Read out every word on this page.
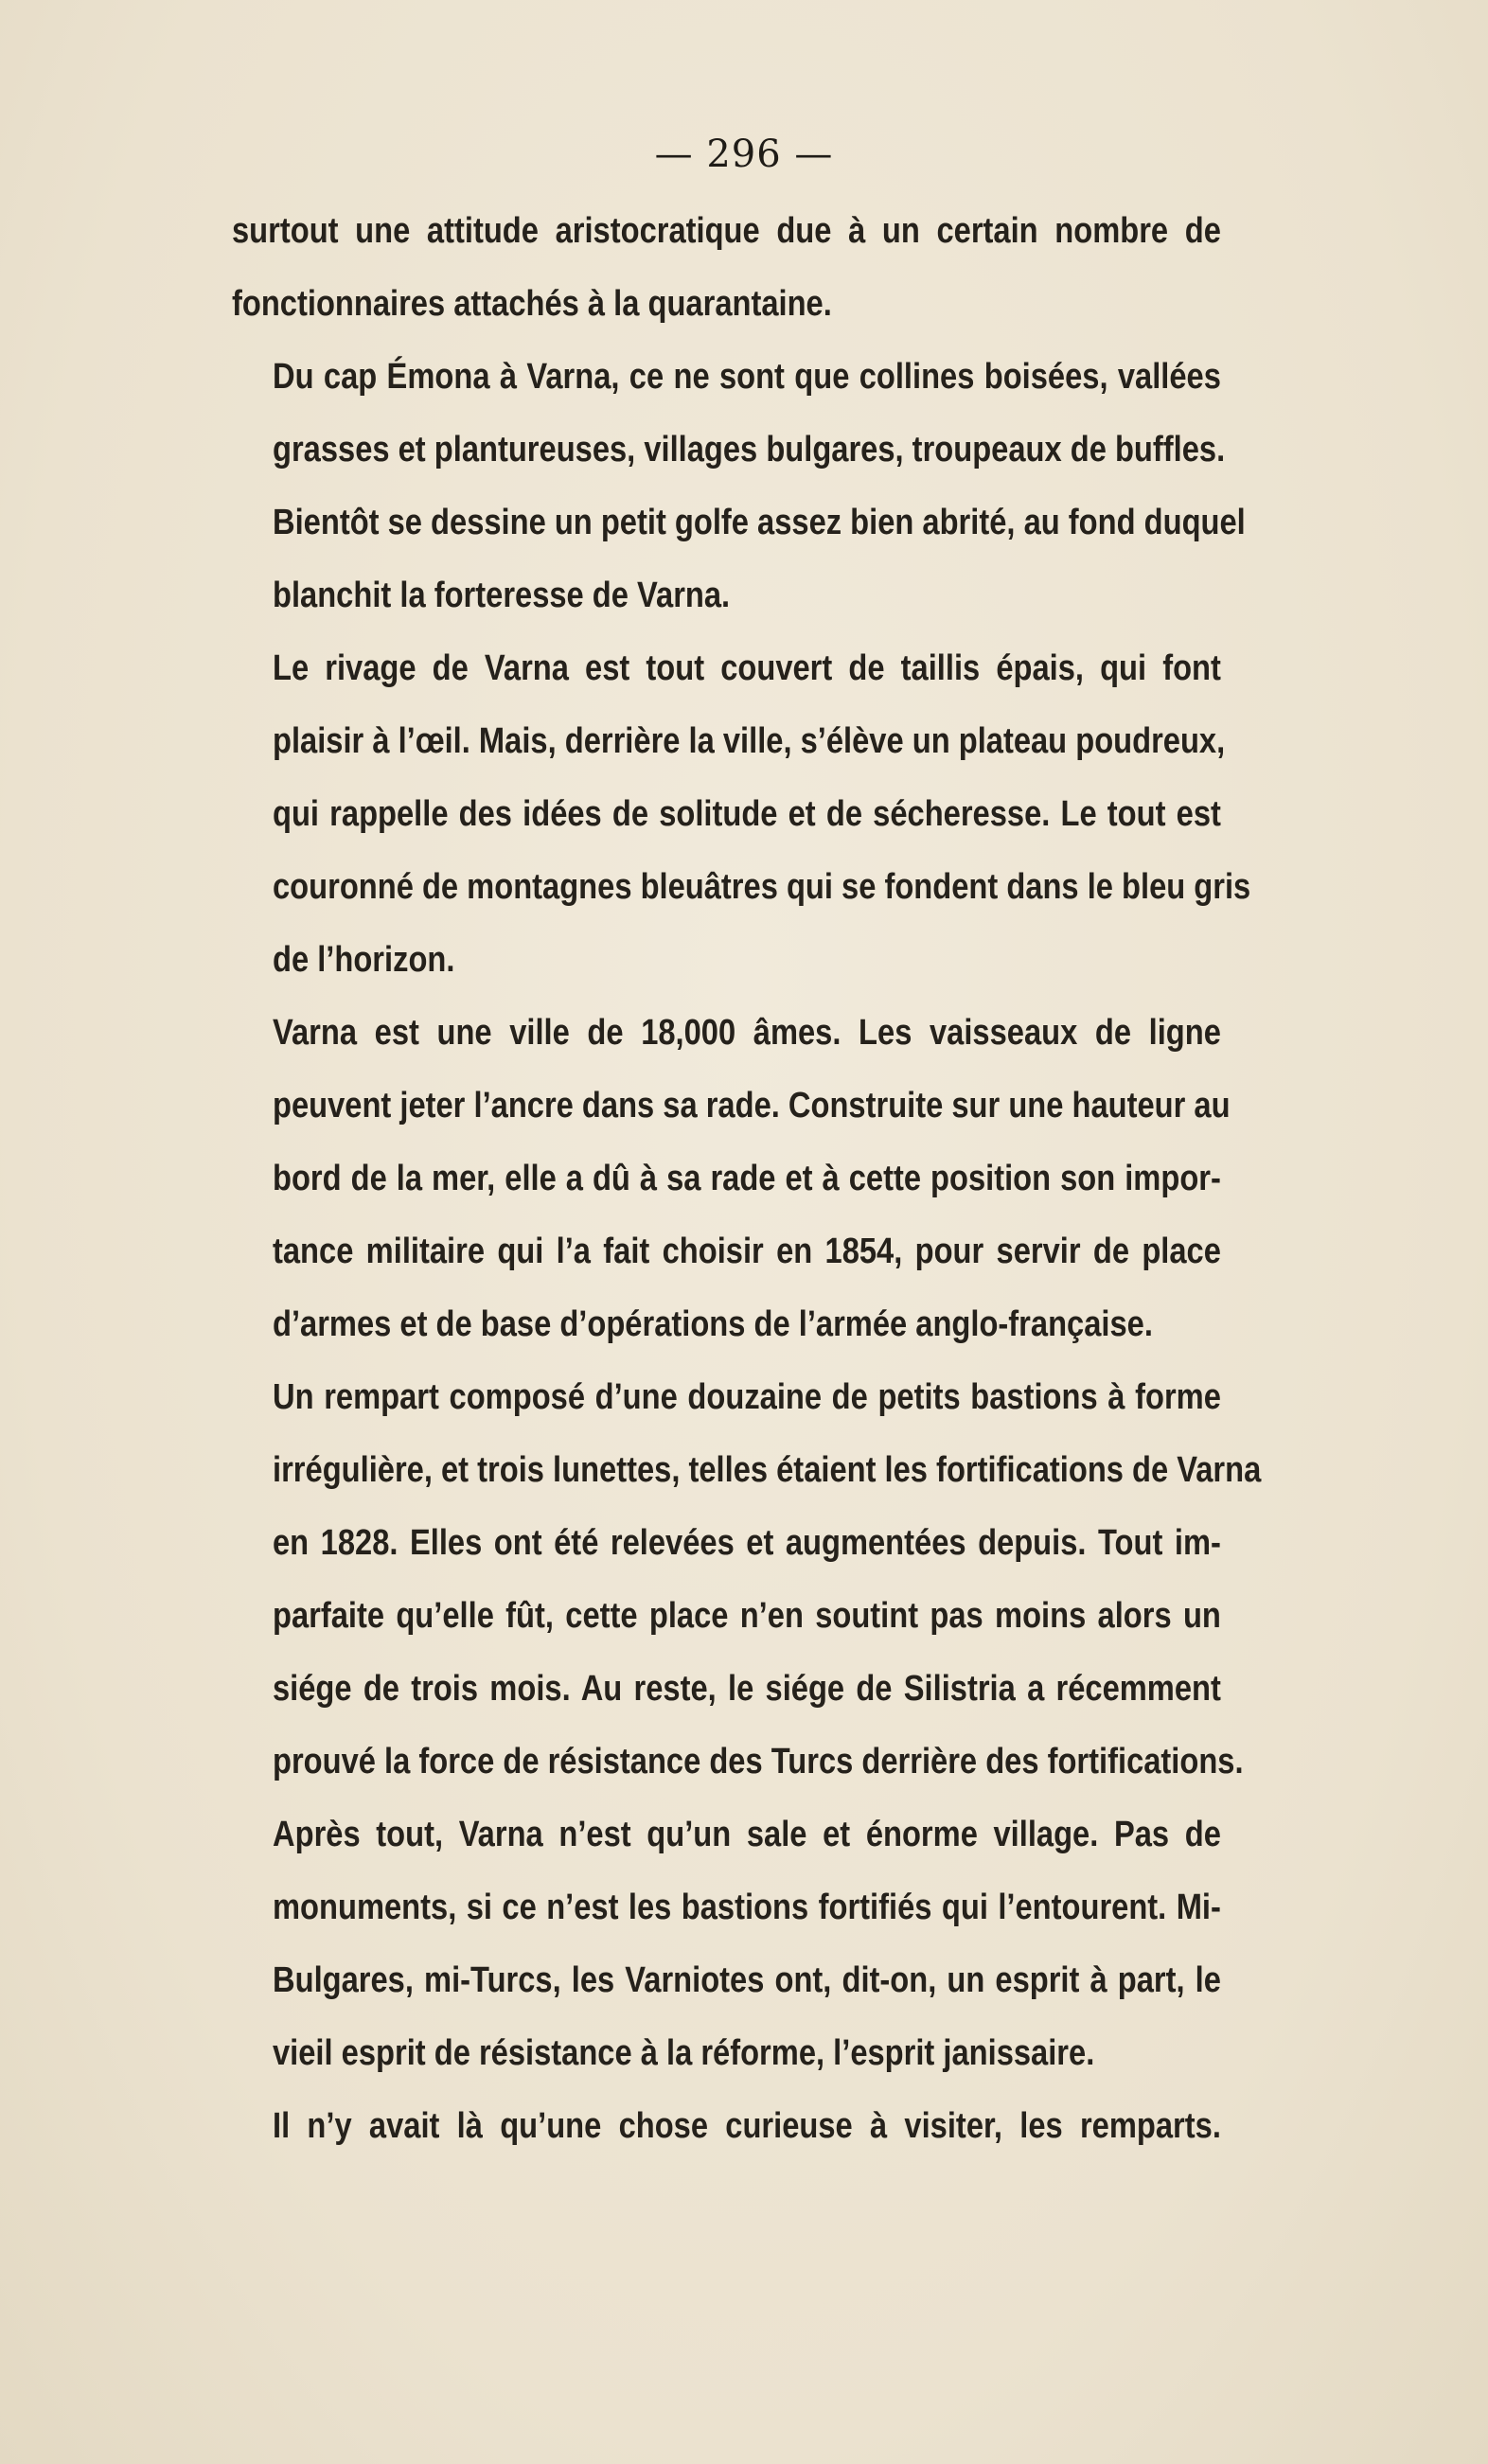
— 296 —

surtout une attitude aristocratique due à un certain nombre de
fonctionnaires attachés à la quarantaine.

Du cap Émona à Varna, ce ne sont que collines boisées, vallées
grasses et plantureuses, villages bulgares, troupeaux de buffles.
Bientôt se dessine un petit golfe assez bien abrité, au fond duquel
blanchit la forteresse de Varna.

Le rivage de Varna est tout couvert de taillis épais, qui font
plaisir à l’œil. Mais, derrière la ville, s’élève un plateau poudreux,
qui rappelle des idées de solitude et de sécheresse. Le tout est
couronné de montagnes bleuâtres qui se fondent dans le bleu gris
de l’horizon.

Varna est une ville de 18,000 âmes. Les vaisseaux de ligne
peuvent jeter l’ancre dans sa rade. Construite sur une hauteur au
bord de la mer, elle a dû à sa rade et à cette position son impor-
tance militaire qui l’a fait choisir en 1854, pour servir de place
d’armes et de base d’opérations de l’armée anglo-française.

Un rempart composé d’une douzaine de petits bastions à forme
irrégulière, et trois lunettes, telles étaient les fortifications de Varna
en 1828. Elles ont été relevées et augmentées depuis. Tout im-
parfaite qu’elle fût, cette place n’en soutint pas moins alors un
siége de trois mois. Au reste, le siége de Silistria a récemment
prouvé la force de résistance des Turcs derrière des fortifications.

Après tout, Varna n’est qu’un sale et énorme village. Pas de
monuments, si ce n’est les bastions fortifiés qui l’entourent. Mi-
Bulgares, mi-Turcs, les Varniotes ont, dit-on, un esprit à part, le
vieil esprit de résistance à la réforme, l’esprit janissaire.

Il n’y avait là qu’une chose curieuse à visiter, les remparts.
